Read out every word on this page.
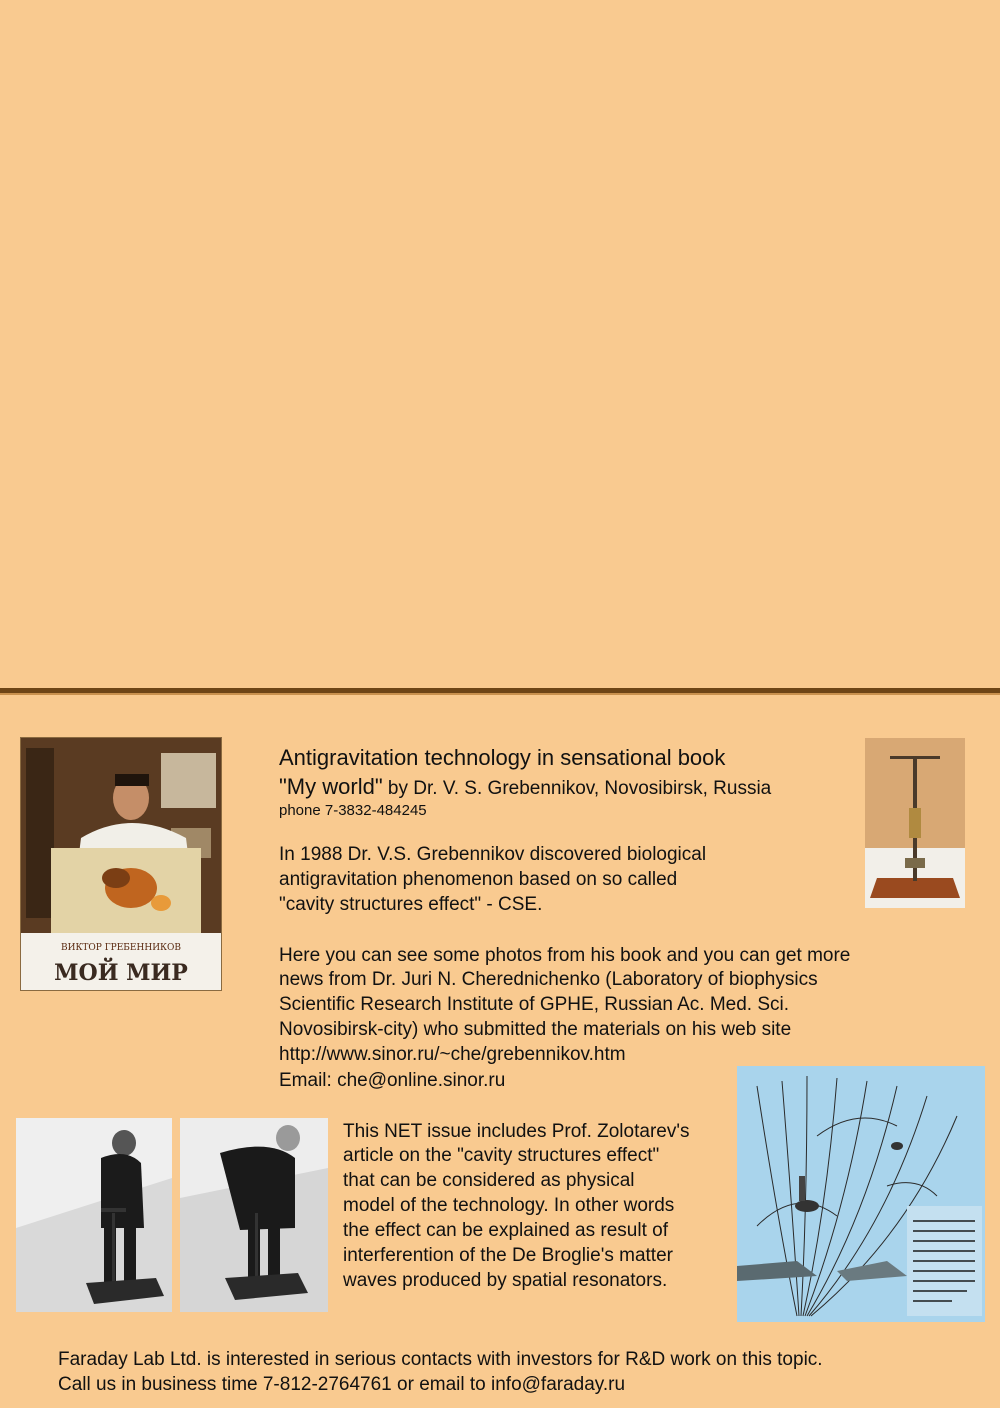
ВИКТОР ГРЕБЕННИКОВ
МОЙ МИР
Antigravitation technology in sensational book
"My world" by Dr. V. S. Grebennikov, Novosibirsk, Russia
phone 7-3832-484245
In 1988 Dr. V.S. Grebennikov discovered biological
antigravitation phenomenon based on so called
"cavity structures effect" - CSE.
Here you can see some photos from his book and you can get more
news from Dr. Juri N. Cherednichenko (Laboratory of biophysics
Scientific Research Institute of GPHE, Russian Ac. Med. Sci.
Novosibirsk-city) who submitted the materials on his web site
http://www.sinor.ru/~che/grebennikov.htm
Email: che@online.sinor.ru
This NET issue includes Prof. Zolotarev's
article on the "cavity structures effect"
that can be considered as physical
model of the technology. In other words
the effect can be explained as result of
interferention of the De Broglie's matter
waves produced by spatial resonators.
Faraday Lab Ltd. is interested in serious contacts with investors for R&D work on this topic.
Call us in business time 7-812-2764761 or email to info@faraday.ru
